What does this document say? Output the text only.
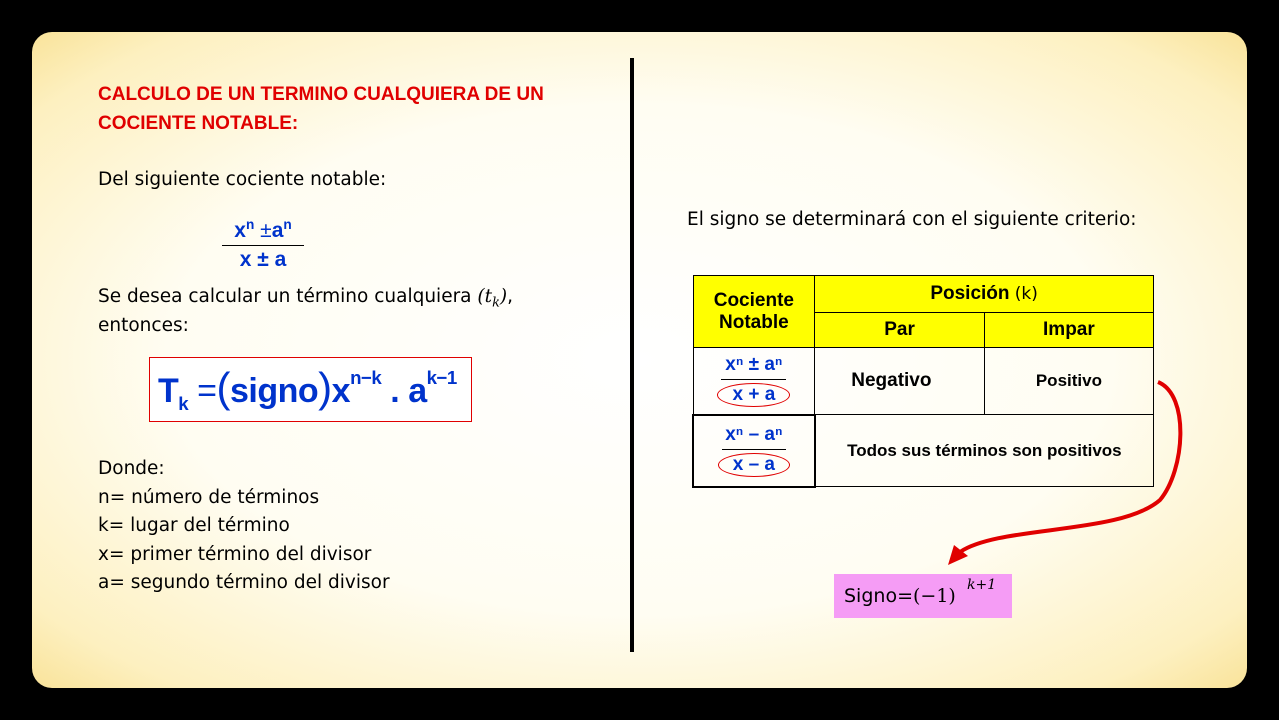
CALCULO DE UN TERMINO CUALQUIERA DE UN COCIENTE NOTABLE:
Del siguiente cociente notable:
$x^n \pm a^n$
x ± a
Se desea calcular un término cualquiera $(t_k)$,
entonces:
$T_k$ $=(signo)x^{n-k}$ . $a^{k-1}$
Donde:
n= número de términos
k= lugar del término
x= primer término del divisor
a= segundo término del divisor
El signo se determinará con el siguiente criterio:
Cociente Notable	Posición (k)	
	Par	Impar
$\frac{\text{xⁿ ± aⁿ}}{x + a}$	Negativo	Positivo
$\frac{\text{xⁿ – aⁿ}}{x - a}$	Todos sus términos son positivos	
Signo=(−1) k+1
